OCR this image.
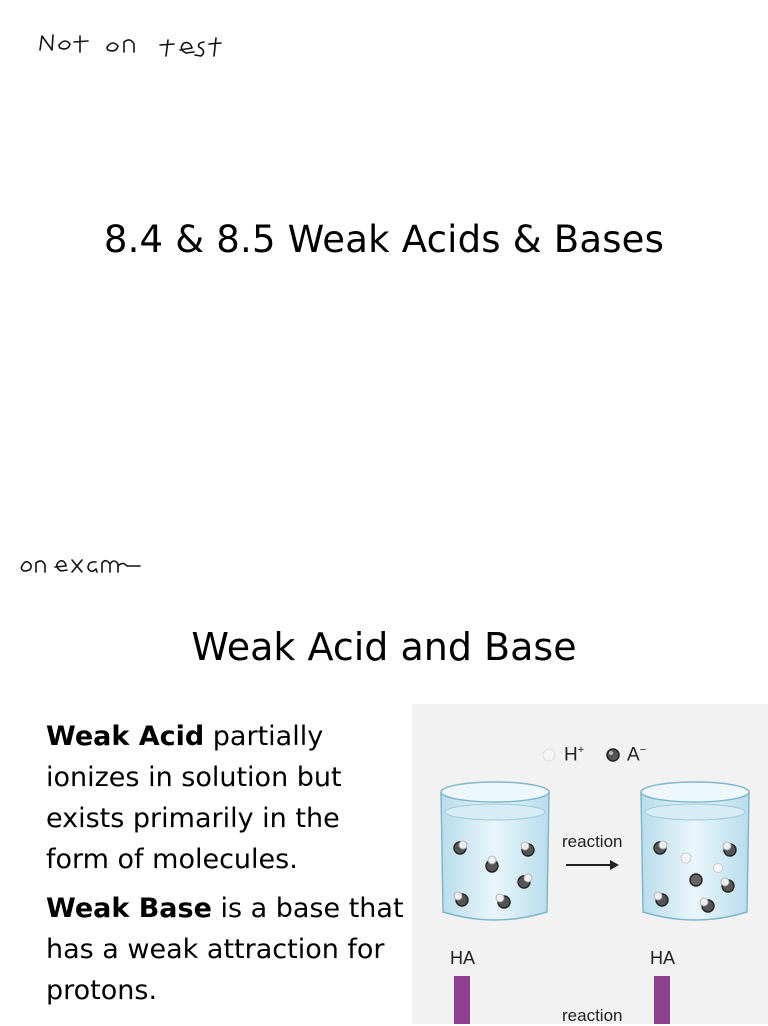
8.4 & 8.5 Weak Acids & Bases
Weak Acid and Base
Weak Acid partially ionizes in solution but exists primarily in the form of molecules.
Weak Base is a base that has a weak attraction for protons.
H+ A−
reaction
HA
reaction
HA
